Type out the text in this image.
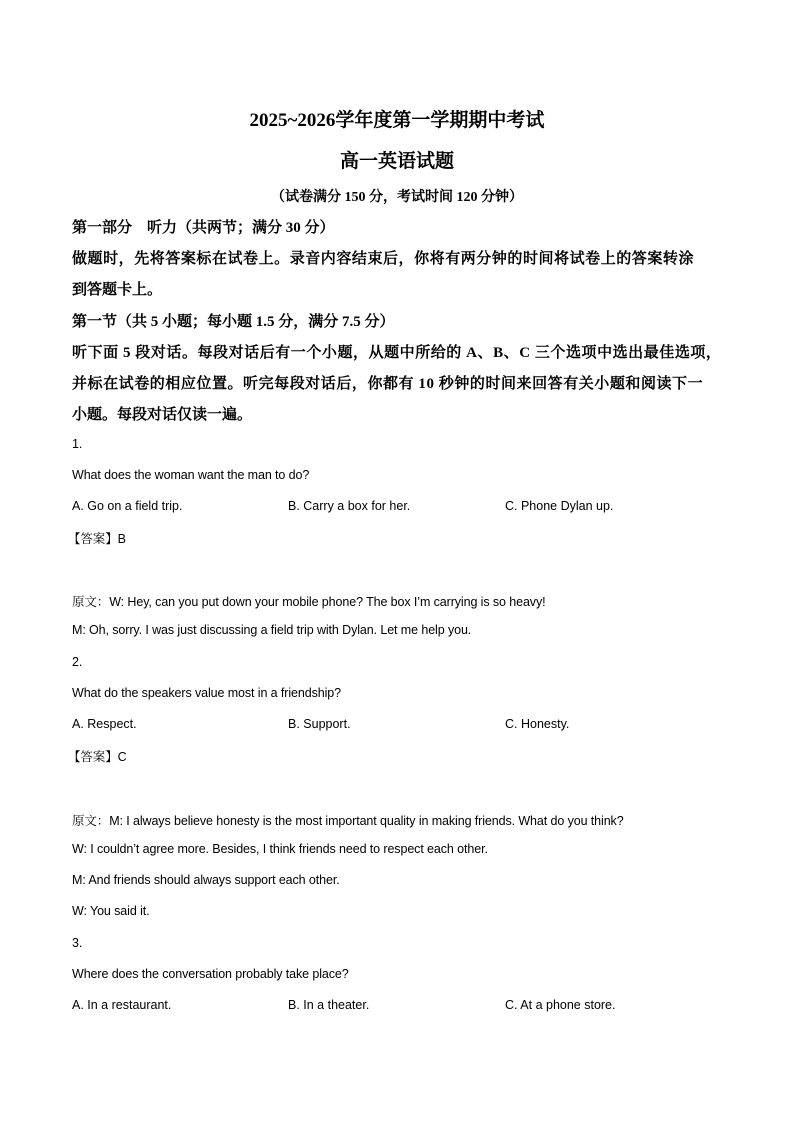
2025~2026学年度第一学期期中考试
高一英语试题
（试卷满分 150 分，考试时间 120 分钟）
第一部分　听力（共两节；满分 30 分）
做题时，先将答案标在试卷上。录音内容结束后，你将有两分钟的时间将试卷上的答案转涂
到答题卡上。
第一节（共 5 小题；每小题 1.5 分，满分 7.5 分）
听下面 5 段对话。每段对话后有一个小题，从题中所给的 A、B、C 三个选项中选出最佳选项，
并标在试卷的相应位置。听完每段对话后，你都有 10 秒钟的时间来回答有关小题和阅读下一
小题。每段对话仅读一遍。
1.
What does the woman want the man to do?
A. Go on a field trip.	B. Carry a box for her.	C. Phone Dylan up.
【答案】B
原文：W: Hey, can you put down your mobile phone? The box I’m carrying is so heavy!
M: Oh, sorry. I was just discussing a field trip with Dylan. Let me help you.
2.
What do the speakers value most in a friendship?
A. Respect.	B. Support.	C. Honesty.
【答案】C
原文：M: I always believe honesty is the most important quality in making friends. What do you think?
W: I couldn’t agree more. Besides, I think friends need to respect each other.
M: And friends should always support each other.
W: You said it.
3.
Where does the conversation probably take place?
A. In a restaurant.	B. In a theater.	C. At a phone store.
